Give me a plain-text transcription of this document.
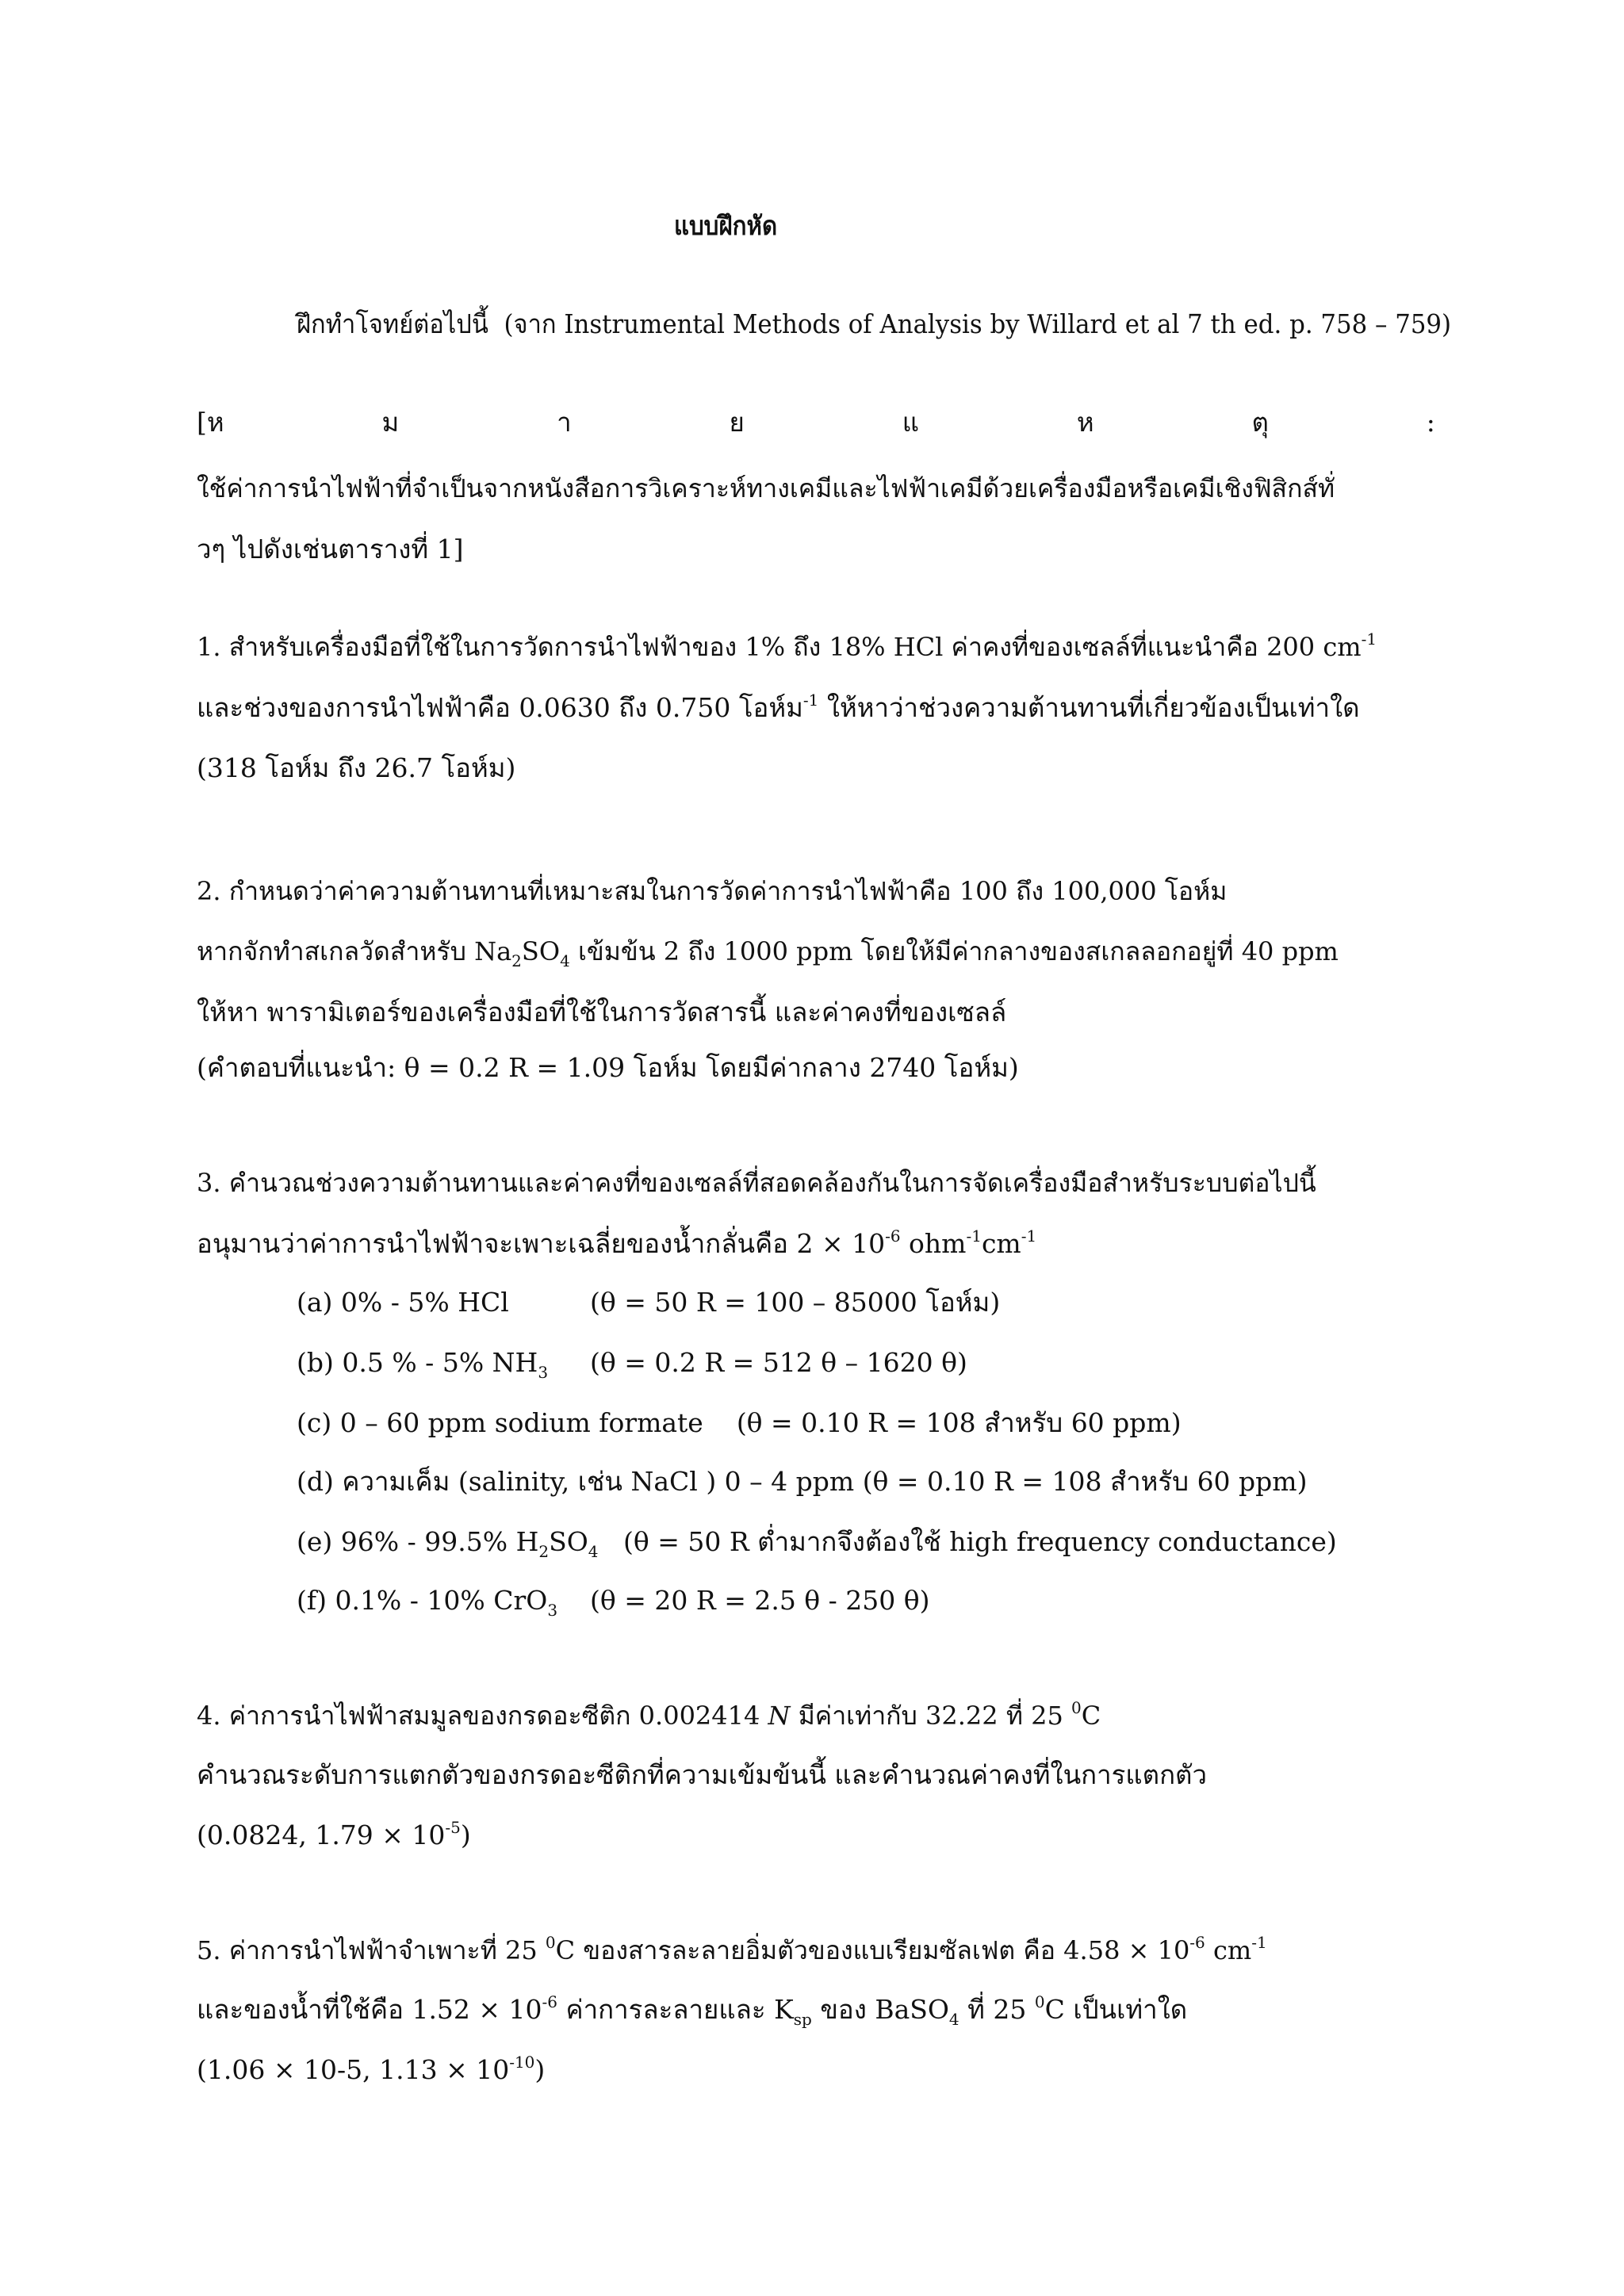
แบบฝึกหัด
ฝึกทำโจทย์ต่อไปนี้ (จาก Instrumental Methods of Analysis by Willard et al 7 th ed. p. 758 – 759)
[ห	ม	า	ย	แ	ห	ตุ	:
ใช้ค่าการนำไฟฟ้าที่จำเป็นจากหนังสือการวิเคราะห์ทางเคมีและไฟฟ้าเคมีด้วยเครื่องมือหรือเคมีเชิงฟิสิกส์ทั่
วๆ ไปดังเช่นตารางที่ 1]
1. สำหรับเครื่องมือที่ใช้ในการวัดการนำไฟฟ้าของ 1% ถึง 18% HCl ค่าคงที่ของเซลล์ที่แนะนำคือ 200 $cm^{-1}$
และช่วงของการนำไฟฟ้าคือ 0.0630 ถึง 0.750 โอห์ม$^{-1}$ ให้หาว่าช่วงความต้านทานที่เกี่ยวข้องเป็นเท่าใด
(318 โอห์ม ถึง 26.7 โอห์ม)
2. กำหนดว่าค่าความต้านทานที่เหมาะสมในการวัดค่าการนำไฟฟ้าคือ 100 ถึง 100,000 โอห์ม
หากจักทำสเกลวัดสำหรับ $Na_2SO_4$ เข้มข้น 2 ถึง 1000 ppm โดยให้มีค่ากลางของสเกลลอกอยู่ที่ 40 ppm
ให้หา พารามิเตอร์ของเครื่องมือที่ใช้ในการวัดสารนี้ และค่าคงที่ของเซลล์
(คำตอบที่แนะนำ: θ = 0.2 R = 1.09 โอห์ม โดยมีค่ากลาง 2740 โอห์ม)
3. คำนวณช่วงความต้านทานและค่าคงที่ของเซลล์ที่สอดคล้องกันในการจัดเครื่องมือสำหรับระบบต่อไปนี้
อนุมานว่าค่าการนำไฟฟ้าจะเพาะเฉลี่ยของน้ำกลั่นคือ $2 \times 10^{-6}$ $ohm^{-1}cm^{-1}$
(a) 0% - 5% HCl	(θ = 50 R = 100 – 85000 โอห์ม)
(b) 0.5 % - 5% $NH_3$ (θ = 0.2 R = 512 θ – 1620 θ)
(c) 0 – 60 ppm sodium formate (θ = 0.10 R = 108 สำหรับ 60 ppm)
(d) ความเค็ม (salinity, เช่น NaCl ) 0 – 4 ppm (θ = 0.10 R = 108 สำหรับ 60 ppm)
(e) 96% - 99.5% $H_2SO_4$ (θ = 50 R ต่ำมากจึงต้องใช้ high frequency conductance)
(f) 0.1% - 10% CrO$_3$ (θ = 20 R = 2.5 θ - 250 θ)
4. ค่าการนำไฟฟ้าสมมูลของกรดอะซีติก 0.002414 N มีค่าเท่ากับ 32.22 ที่ 25 $^0$C
คำนวณระดับการแตกตัวของกรดอะซีติกที่ความเข้มข้นนี้ และคำนวณค่าคงที่ในการแตกตัว
(0.0824, $1.79 \times 10^{-5}$)
5. ค่าการนำไฟฟ้าจำเพาะที่ 25 $^0$C ของสารละลายอิ่มตัวของแบเรียมซัลเฟต คือ $4.58 \times 10^{-6}$ $cm^{-1}$
และของน้ำที่ใช้คือ $1.52 \times 10^{-6}$ ค่าการละลายและ $K_{sp}$ ของ BaSO$_4$ ที่ 25 $^0$C เป็นเท่าใด
(1.06 × 10-5, $1.13 \times 10^{-10}$)
